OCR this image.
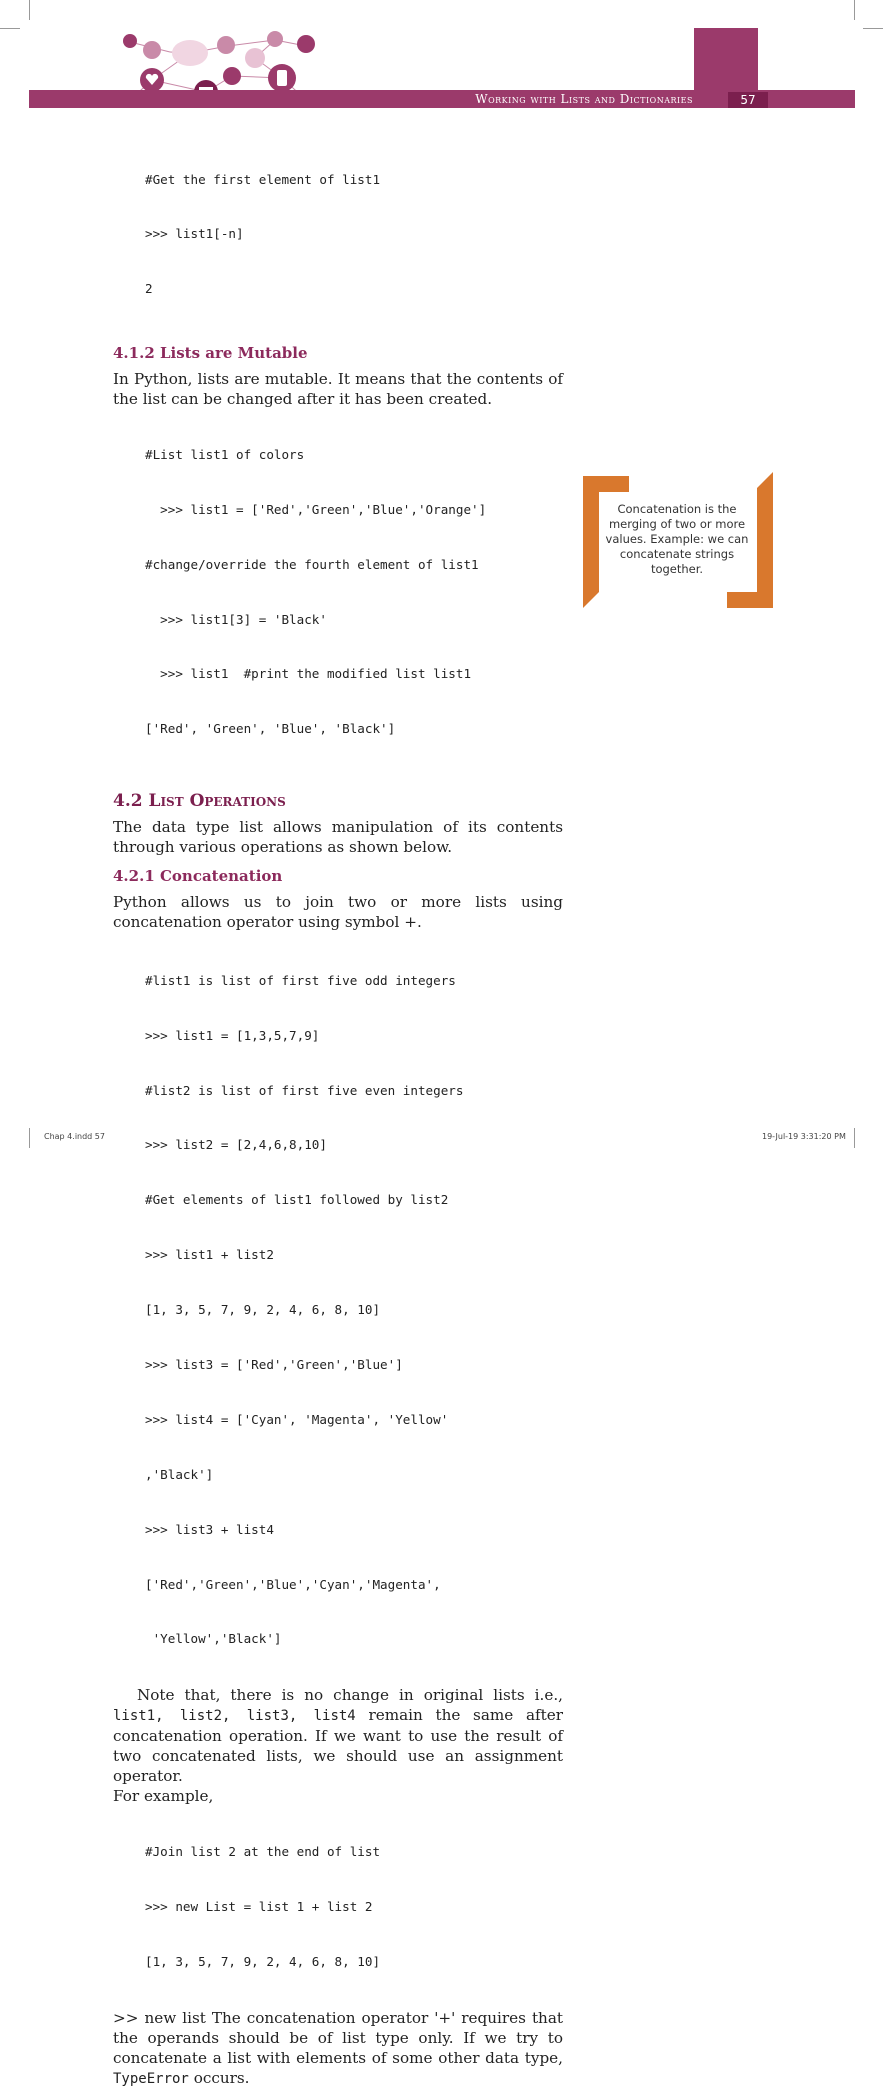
Working with Lists and Dictionaries	57

#Get the first element of list1

>>> list1[-n]

2

4.1.2 Lists are Mutable
In Python, lists are mutable. It means that the contents of the list can be changed after it has been created.

#List list1 of colors

>>> list1 = ['Red','Green','Blue','Orange']

#change/override the fourth element of list1

>>> list1[3] = 'Black'

>>> list1  #print the modified list list1

['Red', 'Green', 'Blue', 'Black']

4.2 List Operations
The data type list allows manipulation of its contents through various operations as shown below.
4.2.1 Concatenation
Python allows us to join two or more lists using concatenation operator using symbol +.

#list1 is list of first five odd integers

>>> list1 = [1,3,5,7,9]

#list2 is list of first five even integers

>>> list2 = [2,4,6,8,10]

#Get elements of list1 followed by list2

>>> list1 + list2

[1, 3, 5, 7, 9, 2, 4, 6, 8, 10]

>>> list3 = ['Red','Green','Blue']

>>> list4 = ['Cyan', 'Magenta', 'Yellow'

,'Black']

>>> list3 + list4

['Red','Green','Blue','Cyan','Magenta',

'Yellow','Black']

Note that, there is no change in original lists i.e., list1, list2, list3, list4 remain the same after concatenation operation. If we want to use the result of two concatenated lists, we should use an assignment operator.
For example,

#Join list 2 at the end of list

>>> new List = list 1 + list 2

[1, 3, 5, 7, 9, 2, 4, 6, 8, 10]

>> new list The concatenation operator '+' requires that the operands should be of list type only. If we try to concatenate a list with elements of some other data type, TypeError occurs.
Concatenation is the merging of two or more values. Example: we can concatenate strings together.
Chap 4.indd 57	19-Jul-19 3:31:20 PM
